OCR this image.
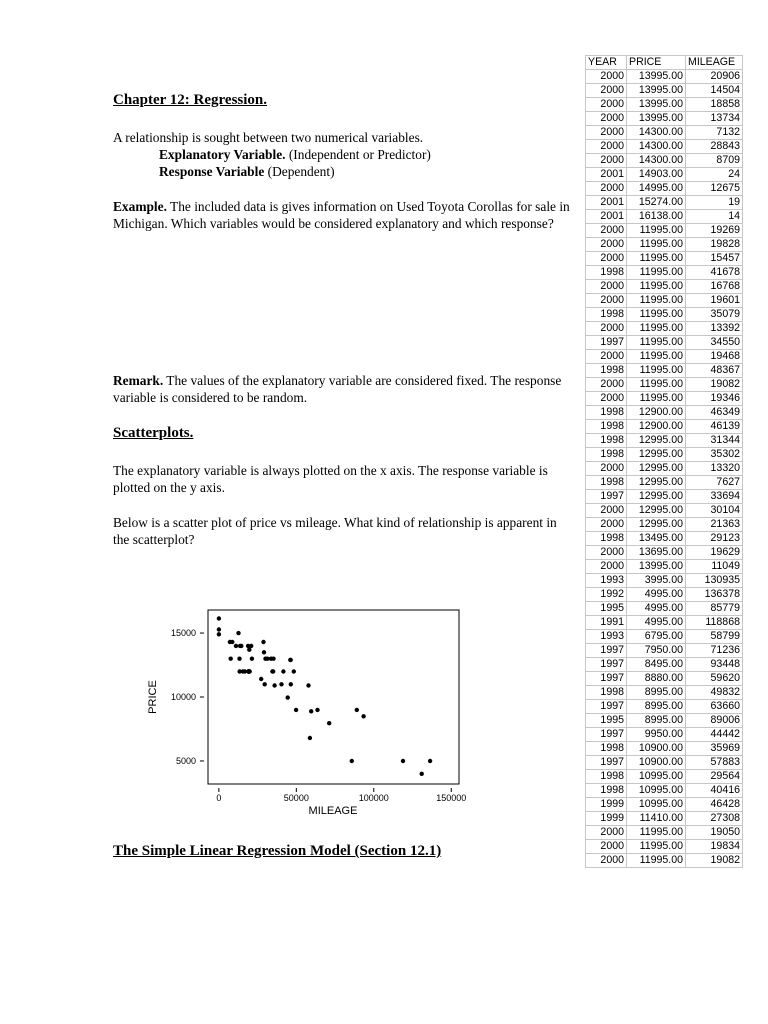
Chapter 12: Regression.
A relationship is sought between two numerical variables.
Explanatory Variable. (Independent or Predictor)
Response Variable (Dependent)

Example. The included data is gives information on Used Toyota Corollas for sale in Michigan. Which variables would be considered explanatory and which response?

Remark. The values of the explanatory variable are considered fixed. The response variable is considered to be random.

Scatterplots.

The explanatory variable is always plotted on the x axis. The response variable is plotted on the y axis.

Below is a scatter plot of price vs mileage. What kind of relationship is apparent in the scatterplot?

0	50000	100000	150000
5000
10000
15000
MILEAGE
PRICE
The Simple Linear Regression Model (Section 12.1)
YEAR	PRICE	MILEAGE
2000	13995.00	20906
2000	13995.00	14504
2000	13995.00	18858
2000	13995.00	13734
2000	14300.00	7132
2000	14300.00	28843
2000	14300.00	8709
2001	14903.00	24
2000	14995.00	12675
2001	15274.00	19
2001	16138.00	14
2000	11995.00	19269
2000	11995.00	19828
2000	11995.00	15457
1998	11995.00	41678
2000	11995.00	16768
2000	11995.00	19601
1998	11995.00	35079
2000	11995.00	13392
1997	11995.00	34550
2000	11995.00	19468
1998	11995.00	48367
2000	11995.00	19082
2000	11995.00	19346
1998	12900.00	46349
1998	12900.00	46139
1998	12995.00	31344
1998	12995.00	35302
2000	12995.00	13320
1998	12995.00	7627
1997	12995.00	33694
2000	12995.00	30104
2000	12995.00	21363
1998	13495.00	29123
2000	13695.00	19629
2000	13995.00	11049
1993	3995.00	130935
1992	4995.00	136378
1995	4995.00	85779
1991	4995.00	118868
1993	6795.00	58799
1997	7950.00	71236
1997	8495.00	93448
1997	8880.00	59620
1998	8995.00	49832
1997	8995.00	63660
1995	8995.00	89006
1997	9950.00	44442
1998	10900.00	35969
1997	10900.00	57883
1998	10995.00	29564
1998	10995.00	40416
1999	10995.00	46428
1999	11410.00	27308
2000	11995.00	19050
2000	11995.00	19834
2000	11995.00	19082
